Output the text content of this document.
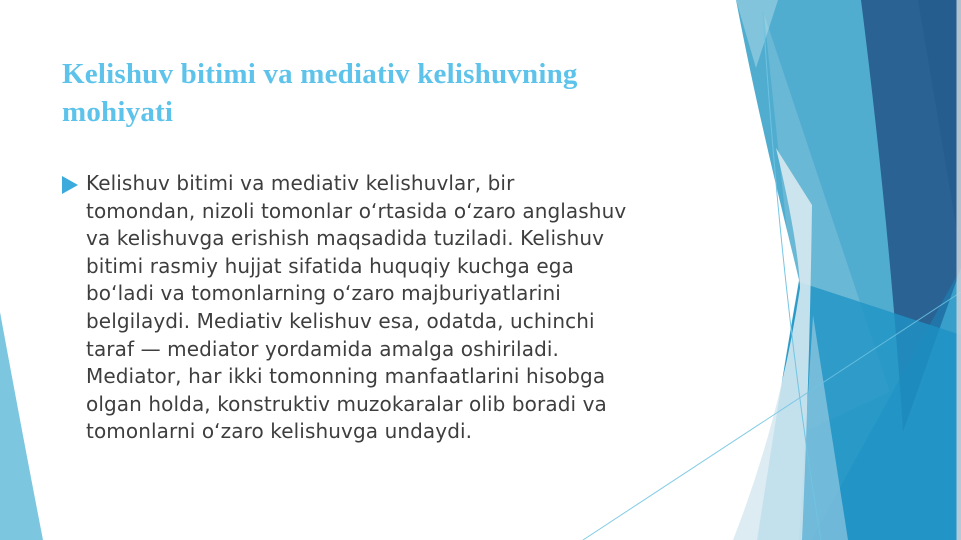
Kelishuv bitimi va mediativ kelishuvning
mohiyati
Kelishuv bitimi va mediativ kelishuvlar, bir
tomondan, nizoli tomonlar oʻrtasida oʻzaro anglashuv
va kelishuvga erishish maqsadida tuziladi. Kelishuv
bitimi rasmiy hujjat sifatida huquqiy kuchga ega
boʻladi va tomonlarning oʻzaro majburiyatlarini
belgilaydi. Mediativ kelishuv esa, odatda, uchinchi
taraf — mediator yordamida amalga oshiriladi.
Mediator, har ikki tomonning manfaatlarini hisobga
olgan holda, konstruktiv muzokaralar olib boradi va
tomonlarni oʻzaro kelishuvga undaydi.
